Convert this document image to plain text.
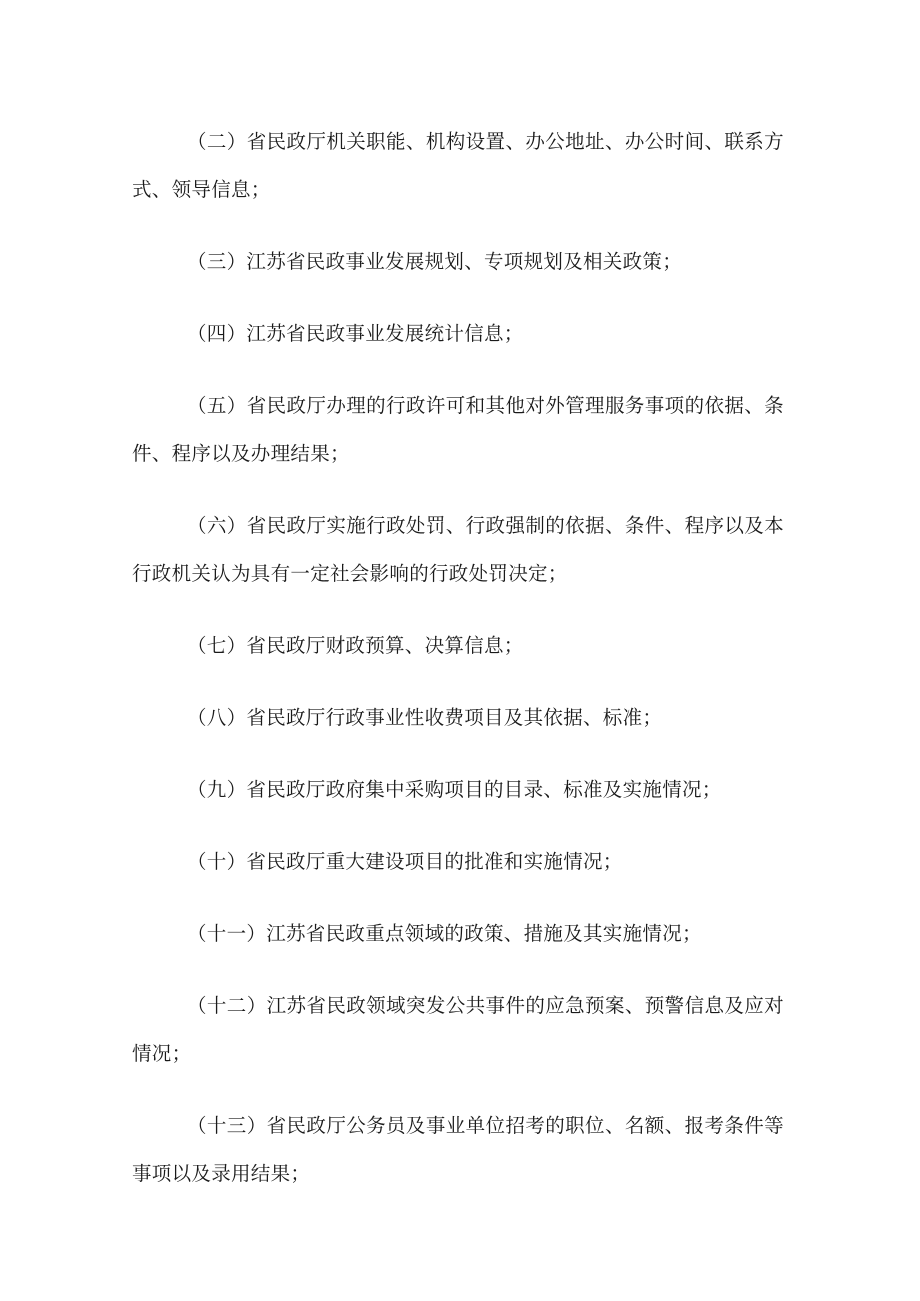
（二）省民政厅机关职能、机构设置、办公地址、办公时间、联系方式、领导信息；

（三）江苏省民政事业发展规划、专项规划及相关政策；

（四）江苏省民政事业发展统计信息；

（五）省民政厅办理的行政许可和其他对外管理服务事项的依据、条件、程序以及办理结果；

（六）省民政厅实施行政处罚、行政强制的依据、条件、程序以及本行政机关认为具有一定社会影响的行政处罚决定；

（七）省民政厅财政预算、决算信息；

（八）省民政厅行政事业性收费项目及其依据、标准；

（九）省民政厅政府集中采购项目的目录、标准及实施情况；

（十）省民政厅重大建设项目的批准和实施情况；

（十一）江苏省民政重点领域的政策、措施及其实施情况；

（十二）江苏省民政领域突发公共事件的应急预案、预警信息及应对情况；

（十三）省民政厅公务员及事业单位招考的职位、名额、报考条件等事项以及录用结果；
